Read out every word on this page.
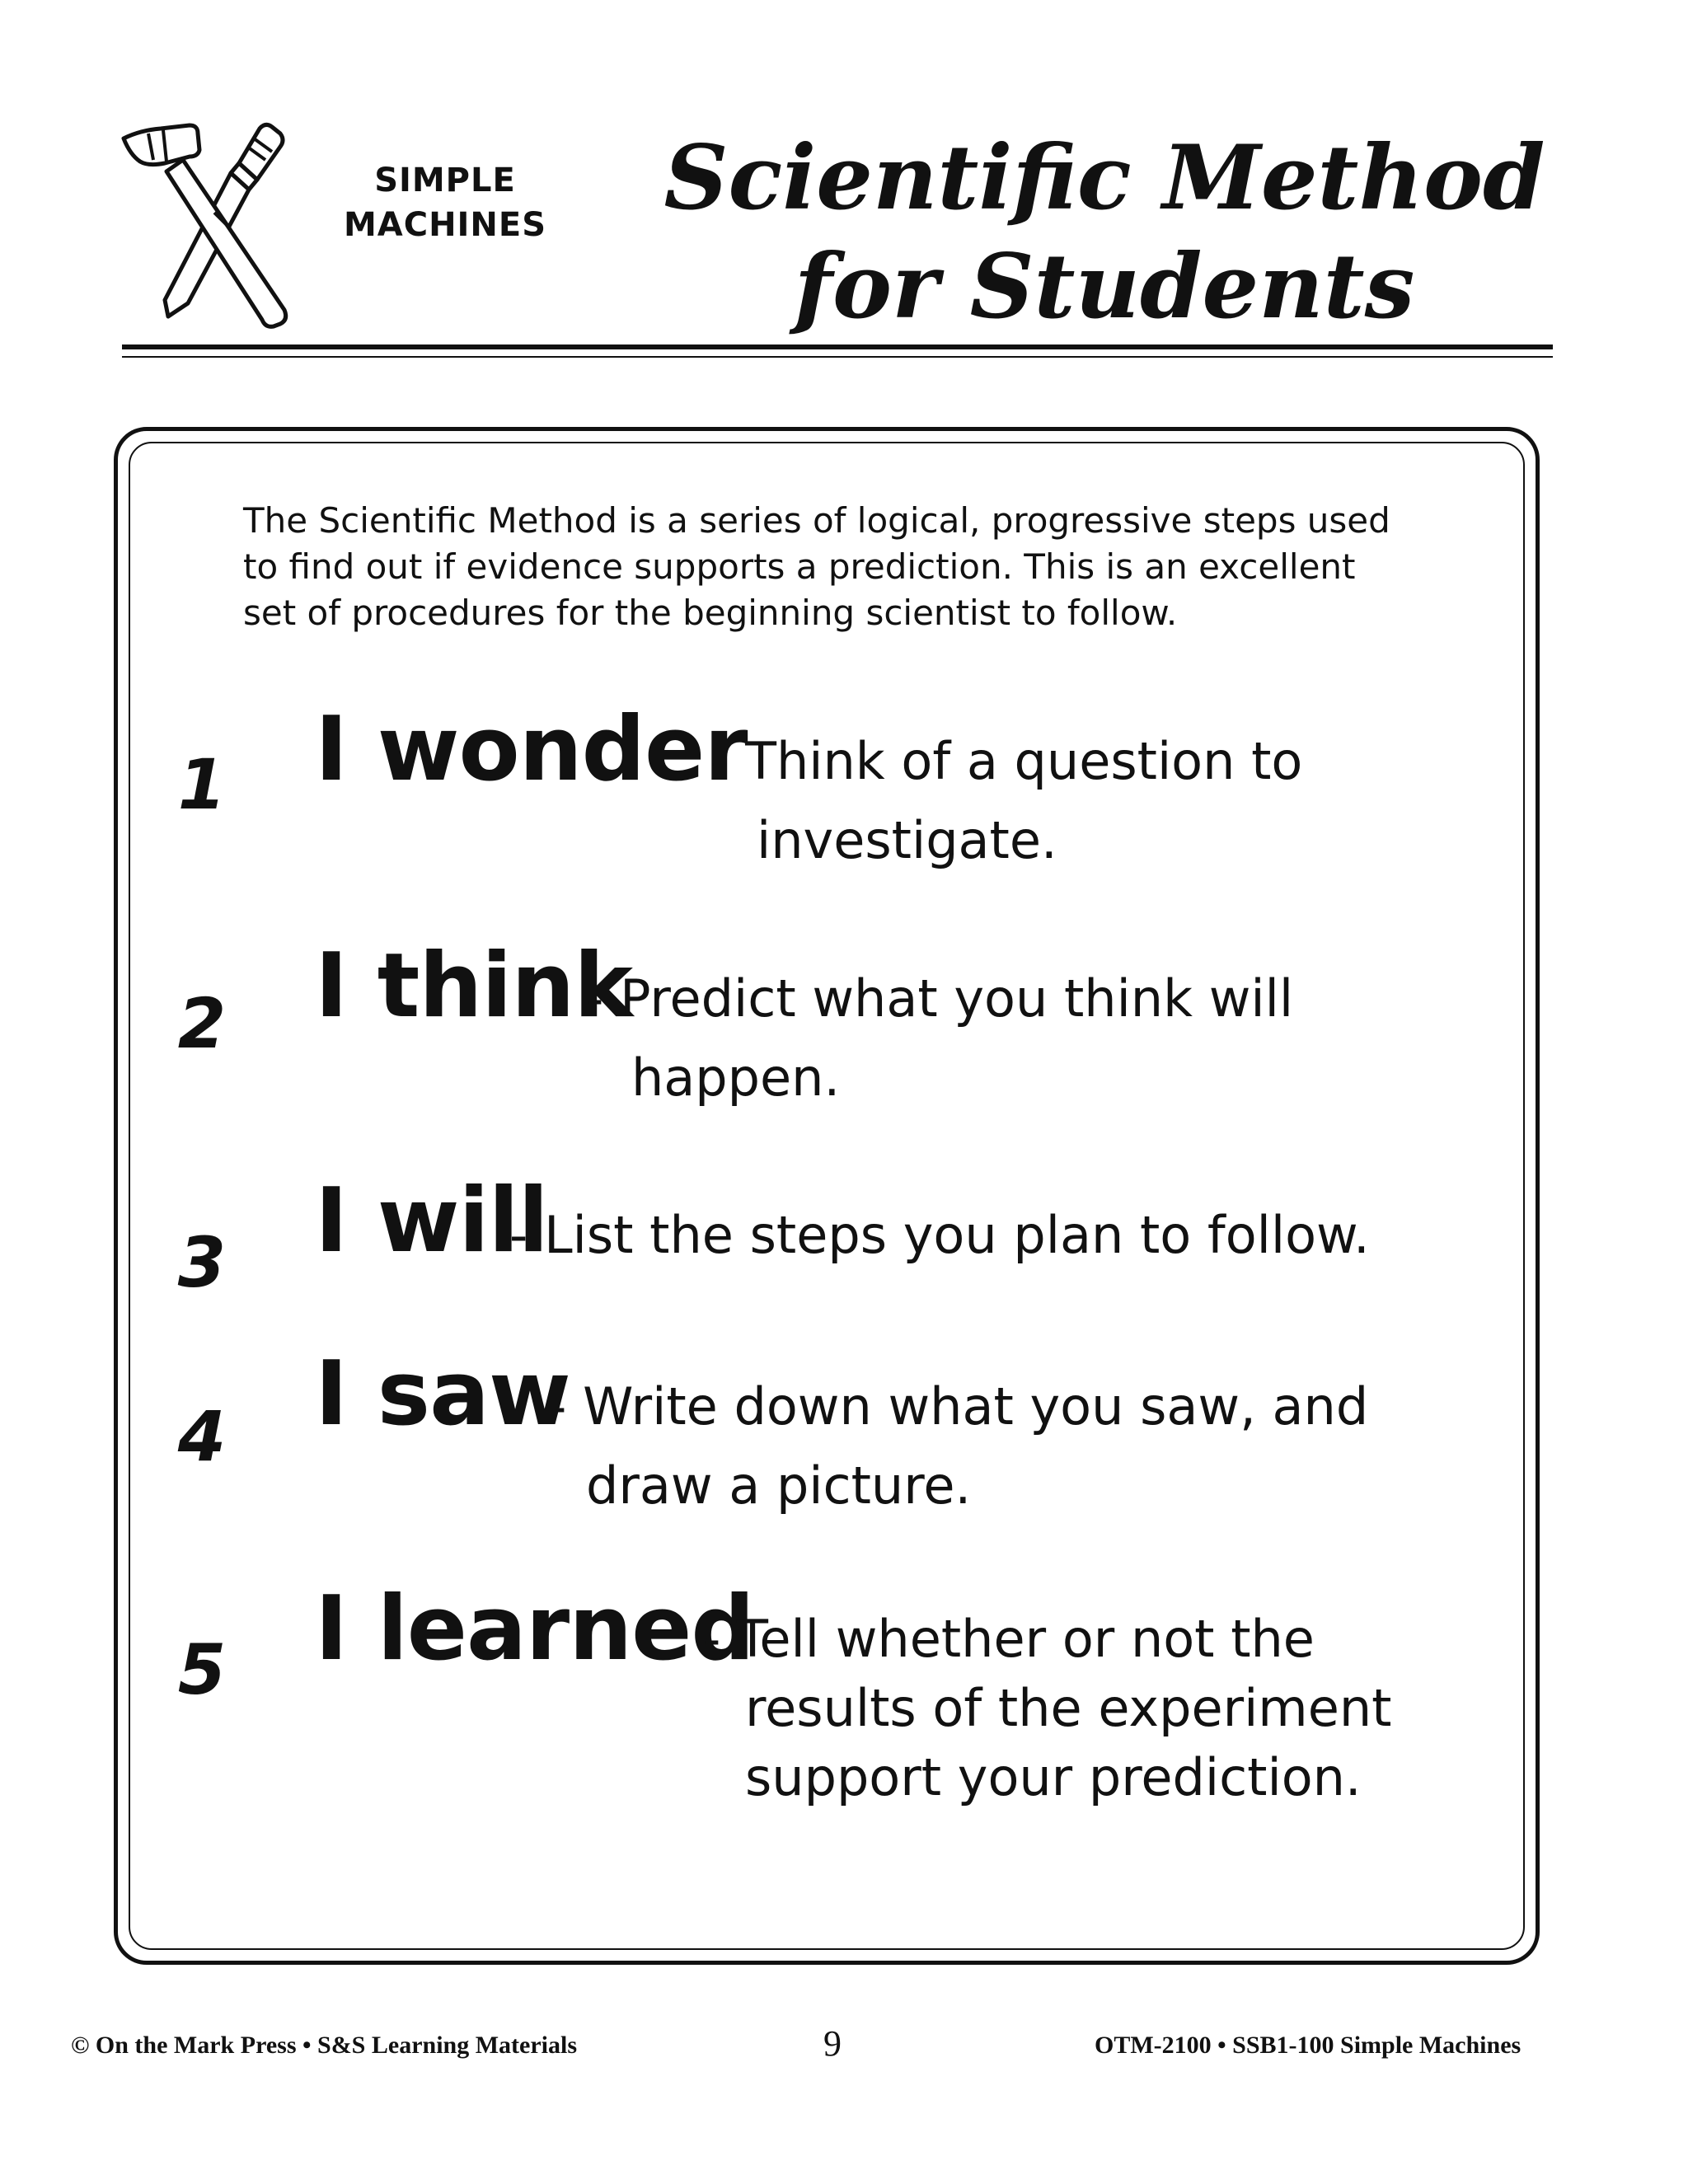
SIMPLE
MACHINES	Scientific Method
for Students
The Scientific Method is a series of logical, progressive steps used
to find out if evidence supports a prediction. This is an excellent
set of procedures for the beginning scientist to follow.
1 I wonder
- Think of a question to
investigate.
2 I think
- Predict what you think will
happen.
3 I will
- List the steps you plan to follow.
4 I saw
- Write down what you saw, and
draw a picture.
5 I learned
- Tell whether or not the
results of the experiment
support your prediction.
© On the Mark Press • S&S Learning Materials	9	OTM-2100 • SSB1-100 Simple Machines
